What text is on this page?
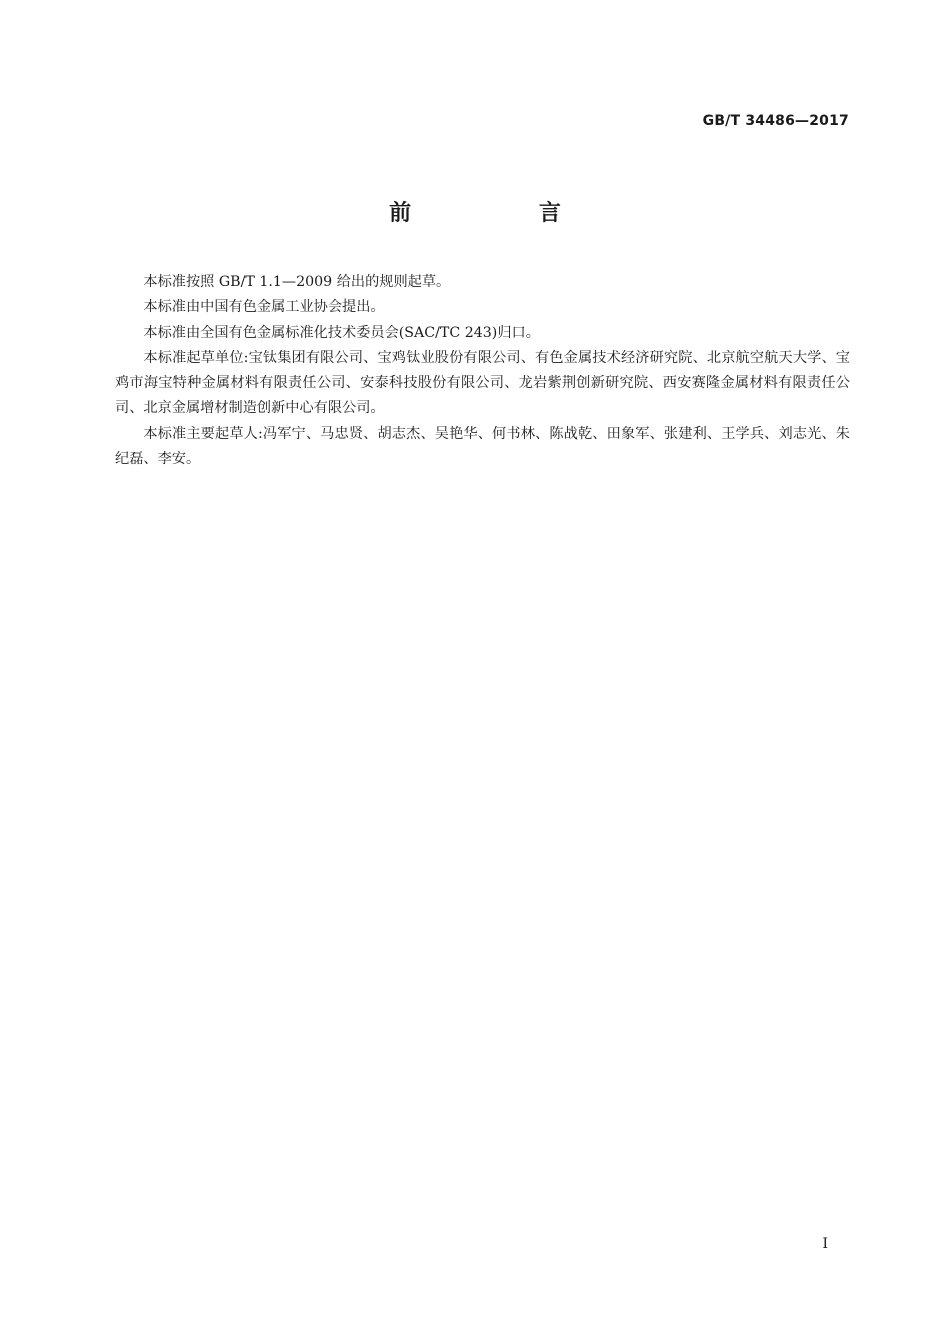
GB/T 34486—2017
前 言

本标准按照 GB/T 1.1—2009 给出的规则起草。

本标准由中国有色金属工业协会提出。

本标准由全国有色金属标准化技术委员会(SAC/TC 243)归口。

本标准起草单位:宝钛集团有限公司、宝鸡钛业股份有限公司、有色金属技术经济研究院、北京航空航天大学、宝鸡市海宝特种金属材料有限责任公司、安泰科技股份有限公司、龙岩紫荆创新研究院、西安赛隆金属材料有限责任公司、北京金属增材制造创新中心有限公司。

本标准主要起草人:冯军宁、马忠贤、胡志杰、吴艳华、何书林、陈战乾、田象军、张建利、王学兵、刘志光、朱纪磊、李安。

I
